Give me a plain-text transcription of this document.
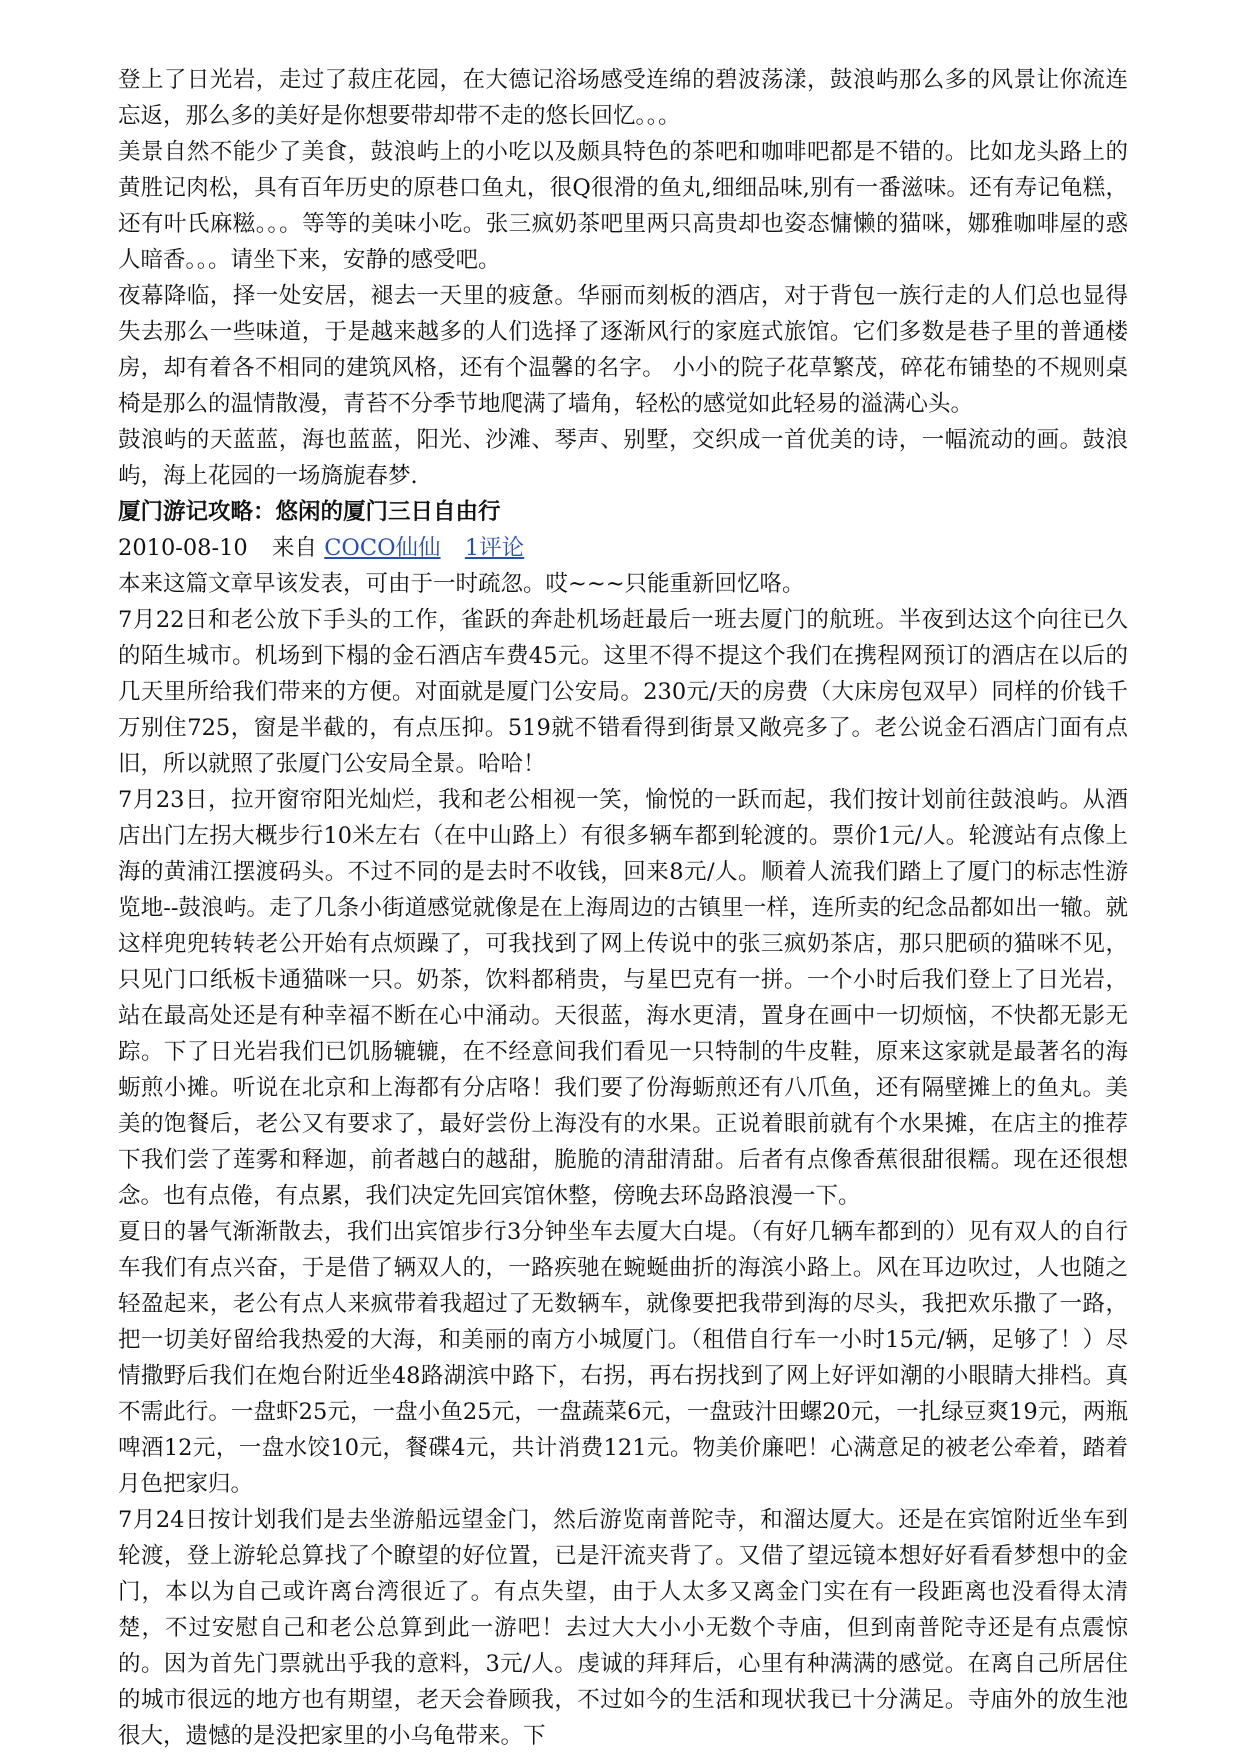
登上了日光岩，走过了菽庄花园，在大德记浴场感受连绵的碧波荡漾，鼓浪屿那么多的风景让你流连忘返，那么多的美好是你想要带却带不走的悠长回忆。。。

美景自然不能少了美食，鼓浪屿上的小吃以及颇具特色的茶吧和咖啡吧都是不错的。比如龙头路上的黄胜记肉松，具有百年历史的原巷口鱼丸，很Q很滑的鱼丸,细细品味,别有一番滋味。还有寿记龟糕，还有叶氏麻糍。。。等等的美味小吃。张三疯奶茶吧里两只高贵却也姿态慵懒的猫咪，娜雅咖啡屋的惑人暗香。。。请坐下来，安静的感受吧。

夜幕降临，择一处安居，褪去一天里的疲惫。华丽而刻板的酒店，对于背包一族行走的人们总也显得失去那么一些味道，于是越来越多的人们选择了逐渐风行的家庭式旅馆。它们多数是巷子里的普通楼房，却有着各不相同的建筑风格，还有个温馨的名字。 小小的院子花草繁茂，碎花布铺垫的不规则桌椅是那么的温情散漫，青苔不分季节地爬满了墙角，轻松的感觉如此轻易的溢满心头。

鼓浪屿的天蓝蓝，海也蓝蓝，阳光、沙滩、琴声、别墅，交织成一首优美的诗，一幅流动的画。鼓浪屿，海上花园的一场旖旎春梦.

厦门游记攻略：悠闲的厦门三日自由行

2010-08-10 来自 COCO仙仙 1评论

本来这篇文章早该发表，可由于一时疏忽。哎~~~只能重新回忆咯。

7月22日和老公放下手头的工作，雀跃的奔赴机场赶最后一班去厦门的航班。半夜到达这个向往已久的陌生城市。机场到下榻的金石酒店车费45元。这里不得不提这个我们在携程网预订的酒店在以后的几天里所给我们带来的方便。对面就是厦门公安局。230元/天的房费（大床房包双早）同样的价钱千万别住725，窗是半截的，有点压抑。519就不错看得到街景又敞亮多了。老公说金石酒店门面有点旧，所以就照了张厦门公安局全景。哈哈！

7月23日，拉开窗帘阳光灿烂，我和老公相视一笑，愉悦的一跃而起，我们按计划前往鼓浪屿。从酒店出门左拐大概步行10米左右（在中山路上）有很多辆车都到轮渡的。票价1元/人。轮渡站有点像上海的黄浦江摆渡码头。不过不同的是去时不收钱，回来8元/人。顺着人流我们踏上了厦门的标志性游览地--鼓浪屿。走了几条小街道感觉就像是在上海周边的古镇里一样，连所卖的纪念品都如出一辙。就这样兜兜转转老公开始有点烦躁了，可我找到了网上传说中的张三疯奶茶店，那只肥硕的猫咪不见，只见门口纸板卡通猫咪一只。奶茶，饮料都稍贵，与星巴克有一拼。一个小时后我们登上了日光岩，站在最高处还是有种幸福不断在心中涌动。天很蓝，海水更清，置身在画中一切烦恼，不快都无影无踪。下了日光岩我们已饥肠辘辘，在不经意间我们看见一只特制的牛皮鞋，原来这家就是最著名的海蛎煎小摊。听说在北京和上海都有分店咯！我们要了份海蛎煎还有八爪鱼，还有隔壁摊上的鱼丸。美美的饱餐后，老公又有要求了，最好尝份上海没有的水果。正说着眼前就有个水果摊，在店主的推荐下我们尝了莲雾和释迦，前者越白的越甜，脆脆的清甜清甜。后者有点像香蕉很甜很糯。现在还很想念。也有点倦，有点累，我们决定先回宾馆休整，傍晚去环岛路浪漫一下。

夏日的暑气渐渐散去，我们出宾馆步行3分钟坐车去厦大白堤。（有好几辆车都到的）见有双人的自行车我们有点兴奋，于是借了辆双人的，一路疾驰在蜿蜒曲折的海滨小路上。风在耳边吹过，人也随之轻盈起来，老公有点人来疯带着我超过了无数辆车，就像要把我带到海的尽头，我把欢乐撒了一路，把一切美好留给我热爱的大海，和美丽的南方小城厦门。（租借自行车一小时15元/辆，足够了！）尽情撒野后我们在炮台附近坐48路湖滨中路下，右拐，再右拐找到了网上好评如潮的小眼睛大排档。真不需此行。一盘虾25元，一盘小鱼25元，一盘蔬菜6元，一盘豉汁田螺20元，一扎绿豆爽19元，两瓶啤酒12元，一盘水饺10元，餐碟4元，共计消费121元。物美价廉吧！心满意足的被老公牵着，踏着月色把家归。

7月24日按计划我们是去坐游船远望金门，然后游览南普陀寺，和溜达厦大。还是在宾馆附近坐车到轮渡，登上游轮总算找了个瞭望的好位置，已是汗流夹背了。又借了望远镜本想好好看看梦想中的金门，本以为自己或许离台湾很近了。有点失望，由于人太多又离金门实在有一段距离也没看得太清楚，不过安慰自己和老公总算到此一游吧！去过大大小小无数个寺庙，但到南普陀寺还是有点震惊的。因为首先门票就出乎我的意料，3元/人。虔诚的拜拜后，心里有种满满的感觉。在离自己所居住的城市很远的地方也有期望，老天会眷顾我，不过如今的生活和现状我已十分满足。寺庙外的放生池很大，遗憾的是没把家里的小乌龟带来。下
